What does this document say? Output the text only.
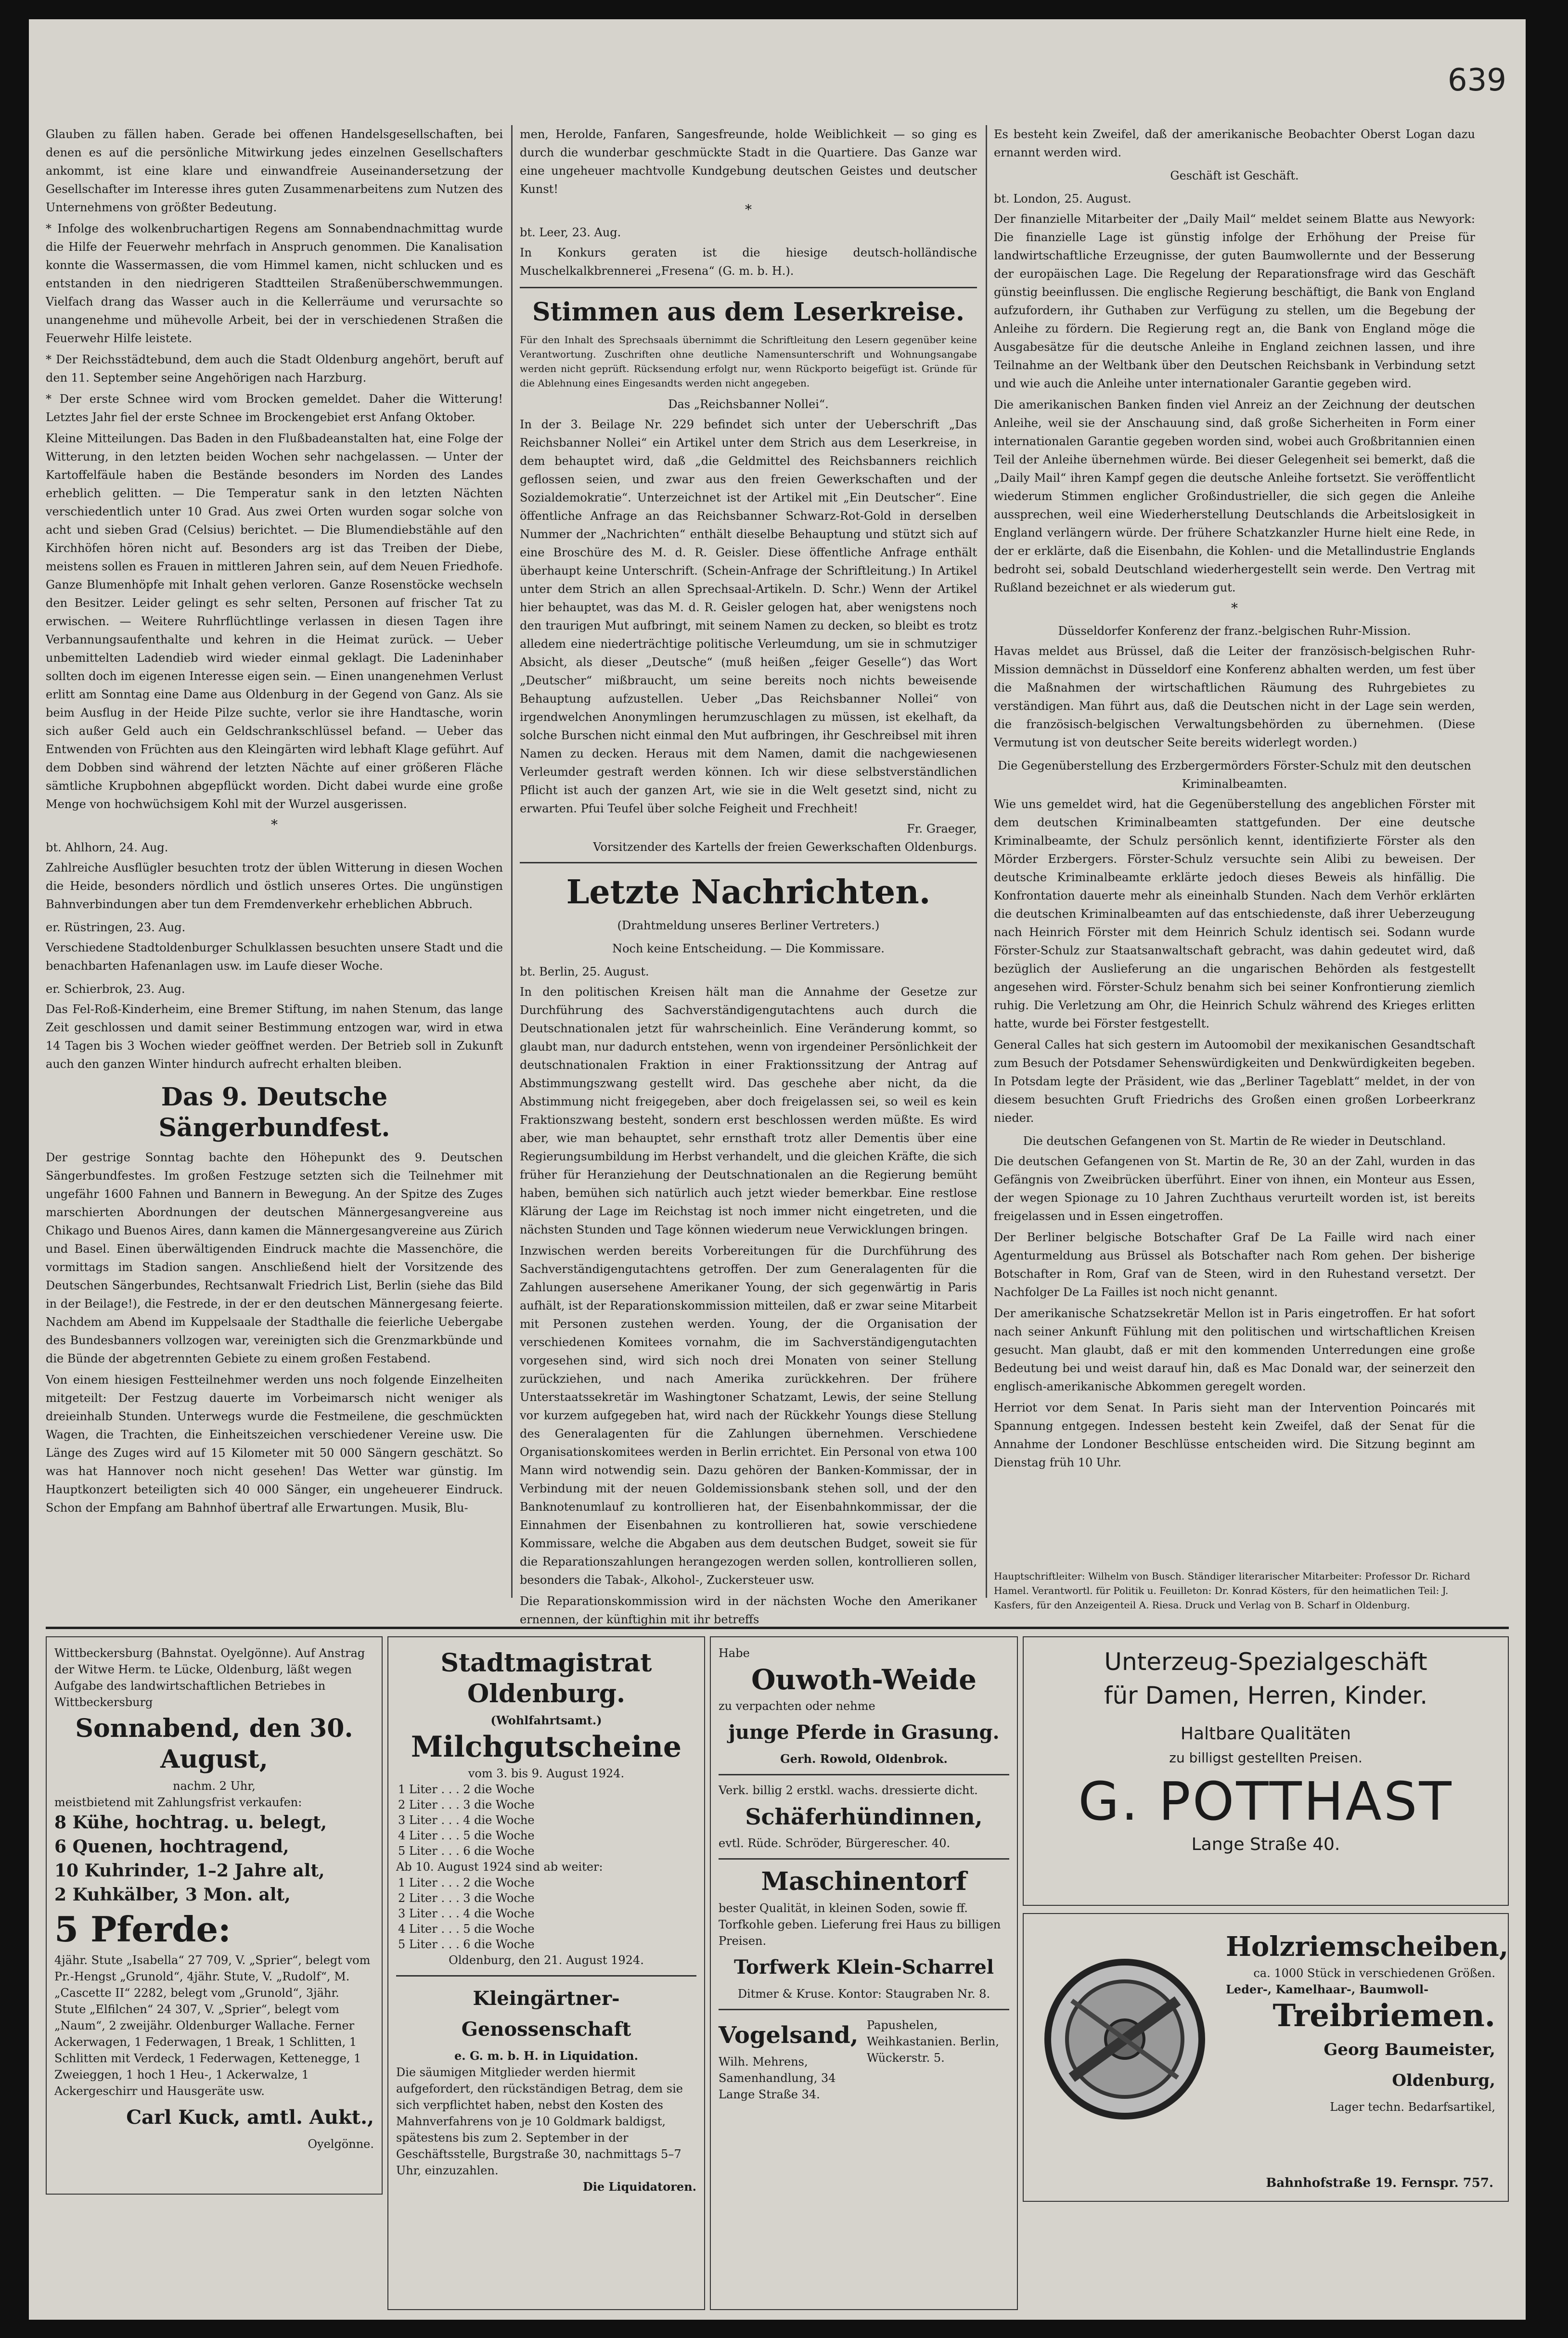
639

Glauben zu fällen haben. Gerade bei offenen Handelsgesellschaften, bei denen es auf die persönliche Mitwirkung jedes einzelnen Gesellschafters ankommt, ist eine klare und einwandfreie Auseinandersetzung der Gesellschafter im Interesse ihres guten Zusammenarbeitens zum Nutzen des Unternehmens von größter Bedeutung.

* Infolge des wolkenbruchartigen Regens am Sonnabendnachmittag wurde die Hilfe der Feuerwehr mehrfach in Anspruch genommen. Die Kanalisation konnte die Wassermassen, die vom Himmel kamen, nicht schlucken und es entstanden in den niedrigeren Stadtteilen Straßenüberschwemmungen. Vielfach drang das Wasser auch in die Kellerräume und verursachte so unangenehme und mühevolle Arbeit, bei der in verschiedenen Straßen die Feuerwehr Hilfe leistete.

* Der Reichsstädtebund, dem auch die Stadt Oldenburg angehört, beruft auf den 11. September seine Angehörigen nach Harzburg.

* Der erste Schnee wird vom Brocken gemeldet. Daher die Witterung! Letztes Jahr fiel der erste Schnee im Brockengebiet erst Anfang Oktober.

Kleine Mitteilungen. Das Baden in den Flußbadeanstalten hat, eine Folge der Witterung, in den letzten beiden Wochen sehr nachgelassen. — Unter der Kartoffelfäule haben die Bestände besonders im Norden des Landes erheblich gelitten. — Die Temperatur sank in den letzten Nächten verschiedentlich unter 10 Grad. Aus zwei Orten wurden sogar solche von acht und sieben Grad (Celsius) berichtet. — Die Blumendiebstähle auf den Kirchhöfen hören nicht auf. Besonders arg ist das Treiben der Diebe, meistens sollen es Frauen in mittleren Jahren sein, auf dem Neuen Friedhofe. Ganze Blumenhöpfe mit Inhalt gehen verloren. Ganze Rosenstöcke wechseln den Besitzer. Leider gelingt es sehr selten, Personen auf frischer Tat zu erwischen. — Weitere Ruhrflüchtlinge verlassen in diesen Tagen ihre Verbannungsaufenthalte und kehren in die Heimat zurück. — Ueber unbemittelten Ladendieb wird wieder einmal geklagt. Die Ladeninhaber sollten doch im eigenen Interesse eigen sein. — Einen unangenehmen Verlust erlitt am Sonntag eine Dame aus Oldenburg in der Gegend von Ganz. Als sie beim Ausflug in der Heide Pilze suchte, verlor sie ihre Handtasche, worin sich außer Geld auch ein Geldschrankschlüssel befand. — Ueber das Entwenden von Früchten aus den Kleingärten wird lebhaft Klage geführt. Auf dem Dobben sind während der letzten Nächte auf einer größeren Fläche sämtliche Krupbohnen abgepflückt worden. Dicht dabei wurde eine große Menge von hochwüchsigem Kohl mit der Wurzel ausgerissen.

*
bt. Ahlhorn, 24. Aug.

Zahlreiche Ausflügler besuchten trotz der üblen Witterung in diesen Wochen die Heide, besonders nördlich und östlich unseres Ortes. Die ungünstigen Bahnverbindungen aber tun dem Fremdenverkehr erheblichen Abbruch.

er. Rüstringen, 23. Aug.

Verschiedene Stadtoldenburger Schulklassen besuchten unsere Stadt und die benachbarten Hafenanlagen usw. im Laufe dieser Woche.

er. Schierbrok, 23. Aug.

Das Fel-Roß-Kinderheim, eine Bremer Stiftung, im nahen Stenum, das lange Zeit geschlossen und damit seiner Bestimmung entzogen war, wird in etwa 14 Tagen bis 3 Wochen wieder geöffnet werden. Der Betrieb soll in Zukunft auch den ganzen Winter hindurch aufrecht erhalten bleiben.

Das 9. Deutsche Sängerbundfest.

Der gestrige Sonntag bachte den Höhepunkt des 9. Deutschen Sängerbundfestes. Im großen Festzuge setzten sich die Teilnehmer mit ungefähr 1600 Fahnen und Bannern in Bewegung. An der Spitze des Zuges marschierten Abordnungen der deutschen Männergesangvereine aus Chikago und Buenos Aires, dann kamen die Männergesangvereine aus Zürich und Basel. Einen überwältigenden Eindruck machte die Massenchöre, die vormittags im Stadion sangen. Anschließend hielt der Vorsitzende des Deutschen Sängerbundes, Rechtsanwalt Friedrich List, Berlin (siehe das Bild in der Beilage!), die Festrede, in der er den deutschen Männergesang feierte. Nachdem am Abend im Kuppelsaale der Stadthalle die feierliche Uebergabe des Bundesbanners vollzogen war, vereinigten sich die Grenzmarkbünde und die Bünde der abgetrennten Gebiete zu einem großen Festabend.

Von einem hiesigen Festteilnehmer werden uns noch folgende Einzelheiten mitgeteilt: Der Festzug dauerte im Vorbeimarsch nicht weniger als dreieinhalb Stunden. Unterwegs wurde die Festmeilene, die geschmückten Wagen, die Trachten, die Einheitszeichen verschiedener Vereine usw. Die Länge des Zuges wird auf 15 Kilometer mit 50 000 Sängern geschätzt. So was hat Hannover noch nicht gesehen! Das Wetter war günstig. Im Hauptkonzert beteiligten sich 40 000 Sänger, ein ungeheuerer Eindruck. Schon der Empfang am Bahnhof übertraf alle Erwartungen. Musik, Blu-

men, Herolde, Fanfaren, Sangesfreunde, holde Weiblichkeit — so ging es durch die wunderbar geschmückte Stadt in die Quartiere. Das Ganze war eine ungeheuer machtvolle Kundgebung deutschen Geistes und deutscher Kunst!

*
bt. Leer, 23. Aug.

In Konkurs geraten ist die hiesige deutsch-holländische Muschelkalkbrennerei „Fresena“ (G. m. b. H.).

Stimmen aus dem Leserkreise.

Für den Inhalt des Sprechsaals übernimmt die Schriftleitung den Lesern gegenüber keine Verantwortung. Zuschriften ohne deutliche Namensunterschrift und Wohnungsangabe werden nicht geprüft. Rücksendung erfolgt nur, wenn Rückporto beigefügt ist. Gründe für die Ablehnung eines Eingesandts werden nicht angegeben.

Das „Reichsbanner Nollei“.

In der 3. Beilage Nr. 229 befindet sich unter der Ueberschrift „Das Reichsbanner Nollei“ ein Artikel unter dem Strich aus dem Leserkreise, in dem behauptet wird, daß „die Geldmittel des Reichsbanners reichlich geflossen seien, und zwar aus den freien Gewerkschaften und der Sozialdemokratie“. Unterzeichnet ist der Artikel mit „Ein Deutscher“. Eine öffentliche Anfrage an das Reichsbanner Schwarz-Rot-Gold in derselben Nummer der „Nachrichten“ enthält dieselbe Behauptung und stützt sich auf eine Broschüre des M. d. R. Geisler. Diese öffentliche Anfrage enthält überhaupt keine Unterschrift. (Schein-Anfrage der Schriftleitung.) In Artikel unter dem Strich an allen Sprechsaal-Artikeln. D. Schr.) Wenn der Artikel hier behauptet, was das M. d. R. Geisler gelogen hat, aber wenigstens noch den traurigen Mut aufbringt, mit seinem Namen zu decken, so bleibt es trotz alledem eine niederträchtige politische Verleumdung, um sie in schmutziger Absicht, als dieser „Deutsche“ (muß heißen „feiger Geselle“) das Wort „Deutscher“ mißbraucht, um seine bereits noch nichts beweisende Behauptung aufzustellen. Ueber „Das Reichsbanner Nollei“ von irgendwelchen Anonymlingen herumzuschlagen zu müssen, ist ekelhaft, da solche Burschen nicht einmal den Mut aufbringen, ihr Geschreibsel mit ihren Namen zu decken. Heraus mit dem Namen, damit die nachgewiesenen Verleumder gestraft werden können. Ich wir diese selbstverständlichen Pflicht ist auch der ganzen Art, wie sie in die Welt gesetzt sind, nicht zu erwarten. Pfui Teufel über solche Feigheit und Frechheit!

Fr. Graeger,
Vorsitzender des Kartells der freien Gewerkschaften Oldenburgs.
Letzte Nachrichten.
(Drahtmeldung unseres Berliner Vertreters.)
Noch keine Entscheidung. — Die Kommissare.
bt. Berlin, 25. August.

In den politischen Kreisen hält man die Annahme der Gesetze zur Durchführung des Sachverständigengutachtens auch durch die Deutschnationalen jetzt für wahrscheinlich. Eine Veränderung kommt, so glaubt man, nur dadurch entstehen, wenn von irgendeiner Persönlichkeit der deutschnationalen Fraktion in einer Fraktionssitzung der Antrag auf Abstimmungszwang gestellt wird. Das geschehe aber nicht, da die Abstimmung nicht freigegeben, aber doch freigelassen sei, so weil es kein Fraktionszwang besteht, sondern erst beschlossen werden müßte. Es wird aber, wie man behauptet, sehr ernsthaft trotz aller Dementis über eine Regierungsumbildung im Herbst verhandelt, und die gleichen Kräfte, die sich früher für Heranziehung der Deutschnationalen an die Regierung bemüht haben, bemühen sich natürlich auch jetzt wieder bemerkbar. Eine restlose Klärung der Lage im Reichstag ist noch immer nicht eingetreten, und die nächsten Stunden und Tage können wiederum neue Verwicklungen bringen.

Inzwischen werden bereits Vorbereitungen für die Durchführung des Sachverständigengutachtens getroffen. Der zum Generalagenten für die Zahlungen ausersehene Amerikaner Young, der sich gegenwärtig in Paris aufhält, ist der Reparationskommission mitteilen, daß er zwar seine Mitarbeit mit Personen zustehen werden. Young, der die Organisation der verschiedenen Komitees vornahm, die im Sachverständigengutachten vorgesehen sind, wird sich noch drei Monaten von seiner Stellung zurückziehen, und nach Amerika zurückkehren. Der frühere Unterstaatssekretär im Washingtoner Schatzamt, Lewis, der seine Stellung vor kurzem aufgegeben hat, wird nach der Rückkehr Youngs diese Stellung des Generalagenten für die Zahlungen übernehmen. Verschiedene Organisationskomitees werden in Berlin errichtet. Ein Personal von etwa 100 Mann wird notwendig sein. Dazu gehören der Banken-Kommissar, der in Verbindung mit der neuen Goldemissionsbank stehen soll, und der den Banknotenumlauf zu kontrollieren hat, der Eisenbahnkommissar, der die Einnahmen der Eisenbahnen zu kontrollieren hat, sowie verschiedene Kommissare, welche die Abgaben aus dem deutschen Budget, soweit sie für die Reparationszahlungen herangezogen werden sollen, kontrollieren sollen, besonders die Tabak-, Alkohol-, Zuckersteuer usw.

Die Reparationskommission wird in der nächsten Woche den Amerikaner ernennen, der künftighin mit ihr betreffs

Es besteht kein Zweifel, daß der amerikanische Beobachter Oberst Logan dazu ernannt werden wird.

Geschäft ist Geschäft.
bt. London, 25. August.

Der finanzielle Mitarbeiter der „Daily Mail“ meldet seinem Blatte aus Newyork: Die finanzielle Lage ist günstig infolge der Erhöhung der Preise für landwirtschaftliche Erzeugnisse, der guten Baumwollernte und der Besserung der europäischen Lage. Die Regelung der Reparationsfrage wird das Geschäft günstig beeinflussen. Die englische Regierung beschäftigt, die Bank von England aufzufordern, ihr Guthaben zur Verfügung zu stellen, um die Begebung der Anleihe zu fördern. Die Regierung regt an, die Bank von England möge die Ausgabesätze für die deutsche Anleihe in England zeichnen lassen, und ihre Teilnahme an der Weltbank über den Deutschen Reichsbank in Verbindung setzt und wie auch die Anleihe unter internationaler Garantie gegeben wird.

Die amerikanischen Banken finden viel Anreiz an der Zeichnung der deutschen Anleihe, weil sie der Anschauung sind, daß große Sicherheiten in Form einer internationalen Garantie gegeben worden sind, wobei auch Großbritannien einen Teil der Anleihe übernehmen würde. Bei dieser Gelegenheit sei bemerkt, daß die „Daily Mail“ ihren Kampf gegen die deutsche Anleihe fortsetzt. Sie veröffentlicht wiederum Stimmen englicher Großindustrieller, die sich gegen die Anleihe aussprechen, weil eine Wiederherstellung Deutschlands die Arbeitslosigkeit in England verlängern würde. Der frühere Schatzkanzler Hurne hielt eine Rede, in der er erklärte, daß die Eisenbahn, die Kohlen- und die Metallindustrie Englands bedroht sei, sobald Deutschland wiederhergestellt sein werde. Den Vertrag mit Rußland bezeichnet er als wiederum gut.

*
Düsseldorfer Konferenz der franz.-belgischen Ruhr-Mission.

Havas meldet aus Brüssel, daß die Leiter der französisch-belgischen Ruhr-Mission demnächst in Düsseldorf eine Konferenz abhalten werden, um fest über die Maßnahmen der wirtschaftlichen Räumung des Ruhrgebietes zu verständigen. Man führt aus, daß die Deutschen nicht in der Lage sein werden, die französisch-belgischen Verwaltungsbehörden zu übernehmen. (Diese Vermutung ist von deutscher Seite bereits widerlegt worden.)

Die Gegenüberstellung des Erzbergermörders Förster-Schulz mit den deutschen Kriminalbeamten.

Wie uns gemeldet wird, hat die Gegenüberstellung des angeblichen Förster mit dem deutschen Kriminalbeamten stattgefunden. Der eine deutsche Kriminalbeamte, der Schulz persönlich kennt, identifizierte Förster als den Mörder Erzbergers. Förster-Schulz versuchte sein Alibi zu beweisen. Der deutsche Kriminalbeamte erklärte jedoch dieses Beweis als hinfällig. Die Konfrontation dauerte mehr als eineinhalb Stunden. Nach dem Verhör erklärten die deutschen Kriminalbeamten auf das entschiedenste, daß ihrer Ueberzeugung nach Heinrich Förster mit dem Heinrich Schulz identisch sei. Sodann wurde Förster-Schulz zur Staatsanwaltschaft gebracht, was dahin gedeutet wird, daß bezüglich der Auslieferung an die ungarischen Behörden als festgestellt angesehen wird. Förster-Schulz benahm sich bei seiner Konfrontierung ziemlich ruhig. Die Verletzung am Ohr, die Heinrich Schulz während des Krieges erlitten hatte, wurde bei Förster festgestellt.

General Calles hat sich gestern im Autoomobil der mexikanischen Gesandtschaft zum Besuch der Potsdamer Sehenswürdigkeiten und Denkwürdigkeiten begeben. In Potsdam legte der Präsident, wie das „Berliner Tageblatt“ meldet, in der von diesem besuchten Gruft Friedrichs des Großen einen großen Lorbeerkranz nieder.

Die deutschen Gefangenen von St. Martin de Re wieder in Deutschland.

Die deutschen Gefangenen von St. Martin de Re, 30 an der Zahl, wurden in das Gefängnis von Zweibrücken überführt. Einer von ihnen, ein Monteur aus Essen, der wegen Spionage zu 10 Jahren Zuchthaus verurteilt worden ist, ist bereits freigelassen und in Essen eingetroffen.

Der Berliner belgische Botschafter Graf De La Faille wird nach einer Agenturmeldung aus Brüssel als Botschafter nach Rom gehen. Der bisherige Botschafter in Rom, Graf van de Steen, wird in den Ruhestand versetzt. Der Nachfolger De La Failles ist noch nicht genannt.

Der amerikanische Schatzsekretär Mellon ist in Paris eingetroffen. Er hat sofort nach seiner Ankunft Fühlung mit den politischen und wirtschaftlichen Kreisen gesucht. Man glaubt, daß er mit den kommenden Unterredungen eine große Bedeutung bei und weist darauf hin, daß es Mac Donald war, der seinerzeit den englisch-amerikanische Abkommen geregelt worden.

Herriot vor dem Senat. In Paris sieht man der Intervention Poincarés mit Spannung entgegen. Indessen besteht kein Zweifel, daß der Senat für die Annahme der Londoner Beschlüsse entscheiden wird. Die Sitzung beginnt am Dienstag früh 10 Uhr.

Hauptschriftleiter: Wilhelm von Busch. Ständiger literarischer Mitarbeiter: Professor Dr. Richard Hamel. Verantwortl. für Politik u. Feuilleton: Dr. Konrad Kösters, für den heimatlichen Teil: J. Kasfers, für den Anzeigenteil A. Riesa. Druck und Verlag von B. Scharf in Oldenburg.
Wittbeckersburg (Bahnstat. Oyelgönne). Auf Anstrag der Witwe Herm. te Lücke, Oldenburg, läßt wegen Aufgabe des landwirtschaftlichen Betriebes in Wittbeckersburg
Sonnabend, den 30. August,
nachm. 2 Uhr,
meistbietend mit Zahlungsfrist verkaufen:
8 Kühe, hochtrag. u. belegt,
6 Quenen, hochtragend,
10 Kuhrinder, 1–2 Jahre alt,
2 Kuhkälber, 3 Mon. alt,
5 Pferde:
4jähr. Stute „Isabella“ 27 709, V. „Sprier“, belegt vom Pr.-Hengst „Grunold“, 4jähr. Stute, V. „Rudolf“, M. „Cascette II“ 2282, belegt vom „Grunold“, 3jähr. Stute „Elfilchen“ 24 307, V. „Sprier“, belegt vom „Naum“, 2 zweijähr. Oldenburger Wallache. Ferner Ackerwagen, 1 Federwagen, 1 Break, 1 Schlitten, 1 Schlitten mit Verdeck, 1 Federwagen, Kettenegge, 1 Zweieggen, 1 hoch 1 Heu-, 1 Ackerwalze, 1 Ackergeschirr und Hausgeräte usw.
Carl Kuck, amtl. Aukt.,
Oyelgönne.
Stadtmagistrat Oldenburg.
(Wohlfahrtsamt.)
Milchgutscheine
vom 3. bis 9. August 1924.
1 Liter . . . 2 die Woche
2 Liter . . . 3 die Woche
3 Liter . . . 4 die Woche
4 Liter . . . 5 die Woche
5 Liter . . . 6 die Woche
Ab 10. August 1924 sind ab weiter:
1 Liter . . . 2 die Woche
2 Liter . . . 3 die Woche
3 Liter . . . 4 die Woche
4 Liter . . . 5 die Woche
5 Liter . . . 6 die Woche
Oldenburg, den 21. August 1924.
Kleingärtner-Genossenschaft
e. G. m. b. H. in Liquidation.
Die säumigen Mitglieder werden hiermit aufgefordert, den rückständigen Betrag, dem sie sich verpflichtet haben, nebst den Kosten des Mahnverfahrens von je 10 Goldmark baldigst, spätestens bis zum 2. September in der Geschäftsstelle, Burgstraße 30, nachmittags 5–7 Uhr, einzuzahlen.
Die Liquidatoren.
Habe
Ouwoth-Weide
zu verpachten oder nehme
junge Pferde in Grasung.
Gerh. Rowold, Oldenbrok.
Verk. billig 2 erstkl. wachs. dressierte dicht.
Schäferhündinnen,
evtl. Rüde. Schröder, Bürgerescher. 40.
Maschinentorf
bester Qualität, in kleinen Soden, sowie ff. Torfkohle geben. Lieferung frei Haus zu billigen Preisen.
Torfwerk Klein-Scharrel
Ditmer & Kruse. Kontor: Staugraben Nr. 8.
Vogelsand,
Wilh. Mehrens, Samenhandlung, 34 Lange Straße 34.
Papushelen, Weihkastanien. Berlin, Wückerstr. 5.
Unterzeug-Spezialgeschäft
für Damen, Herren, Kinder.
Haltbare Qualitäten
zu billigst gestellten Preisen.
G. POTTHAST
Lange Straße 40.
Holzriemscheiben,
ca. 1000 Stück in verschiedenen Größen.
Leder-, Kamelhaar-, Baumwoll-
Treibriemen.
Georg Baumeister, Oldenburg,
Lager techn. Bedarfsartikel,
Bahnhofstraße 19. Fernspr. 757.
